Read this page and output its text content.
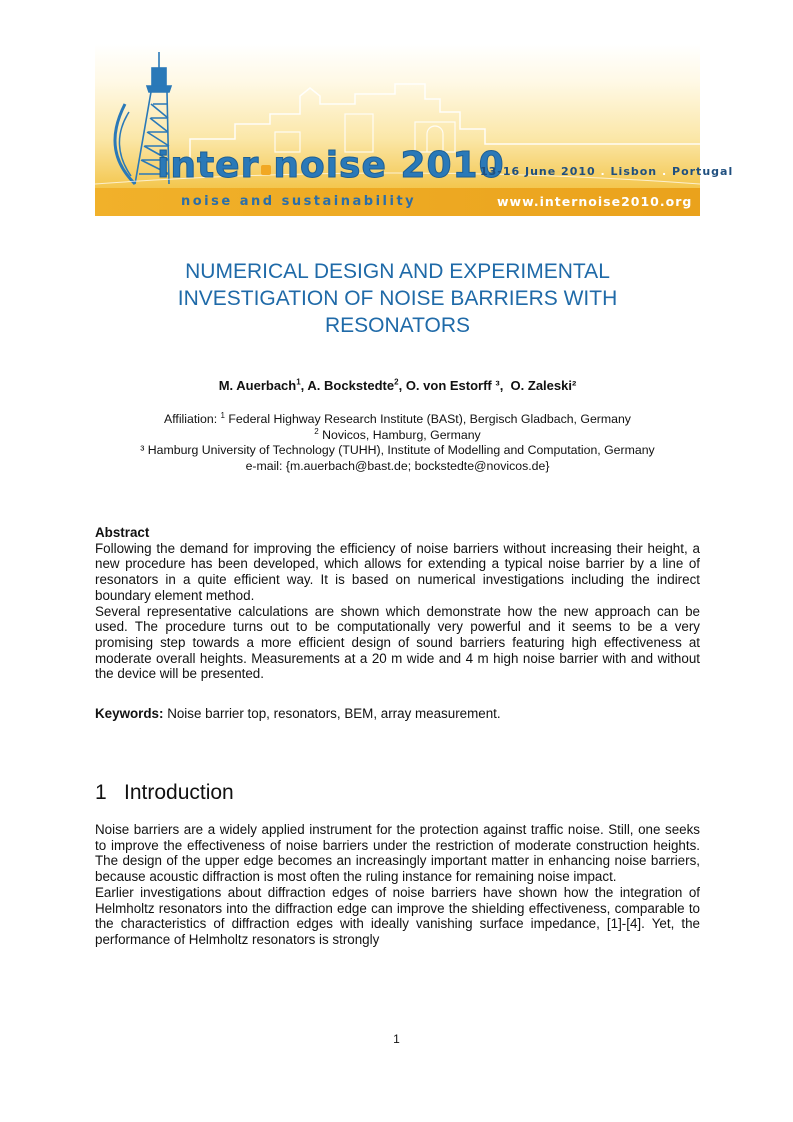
inter noise 2010
13-16 June 2010 . Lisbon . Portugal
noise and sustainability	www.internoise2010.org
NUMERICAL DESIGN AND EXPERIMENTAL
INVESTIGATION OF NOISE BARRIERS WITH
RESONATORS
M. Auerbach$^1$, A. Bockstedte$^2$, O. von Estorff ³,  O. Zaleski²
Affiliation: $^1$ Federal Highway Research Institute (BASt), Bergisch Gladbach, Germany
$^2$ Novicos, Hamburg, Germany
³ Hamburg University of Technology (TUHH), Institute of Modelling and Computation, Germany
e-mail: {m.auerbach@bast.de; bockstedte@novicos.de}
Abstract

Following the demand for improving the efficiency of noise barriers without increasing their height, a new procedure has been developed, which allows for extending a typical noise barrier by a line of resonators in a quite efficient way. It is based on numerical investigations including the indirect boundary element method.

Several representative calculations are shown which demonstrate how the new approach can be used. The procedure turns out to be computationally very powerful and it seems to be a very promising step towards a more efficient design of sound barriers featuring high effectiveness at moderate overall heights. Measurements at a 20 m wide and 4 m high noise barrier with and without the device will be presented.

Keywords: Noise barrier top, resonators, BEM, array measurement.
1 Introduction

Noise barriers are a widely applied instrument for the protection against traffic noise. Still, one seeks to improve the effectiveness of noise barriers under the restriction of moderate construction heights. The design of the upper edge becomes an increasingly important matter in enhancing noise barriers, because acoustic diffraction is most often the ruling instance for remaining noise impact.

Earlier investigations about diffraction edges of noise barriers have shown how the integration of Helmholtz resonators into the diffraction edge can improve the shielding effectiveness, comparable to the characteristics of diffraction edges with ideally vanishing surface impedance, [1]-[4]. Yet, the performance of Helmholtz resonators is strongly

1
